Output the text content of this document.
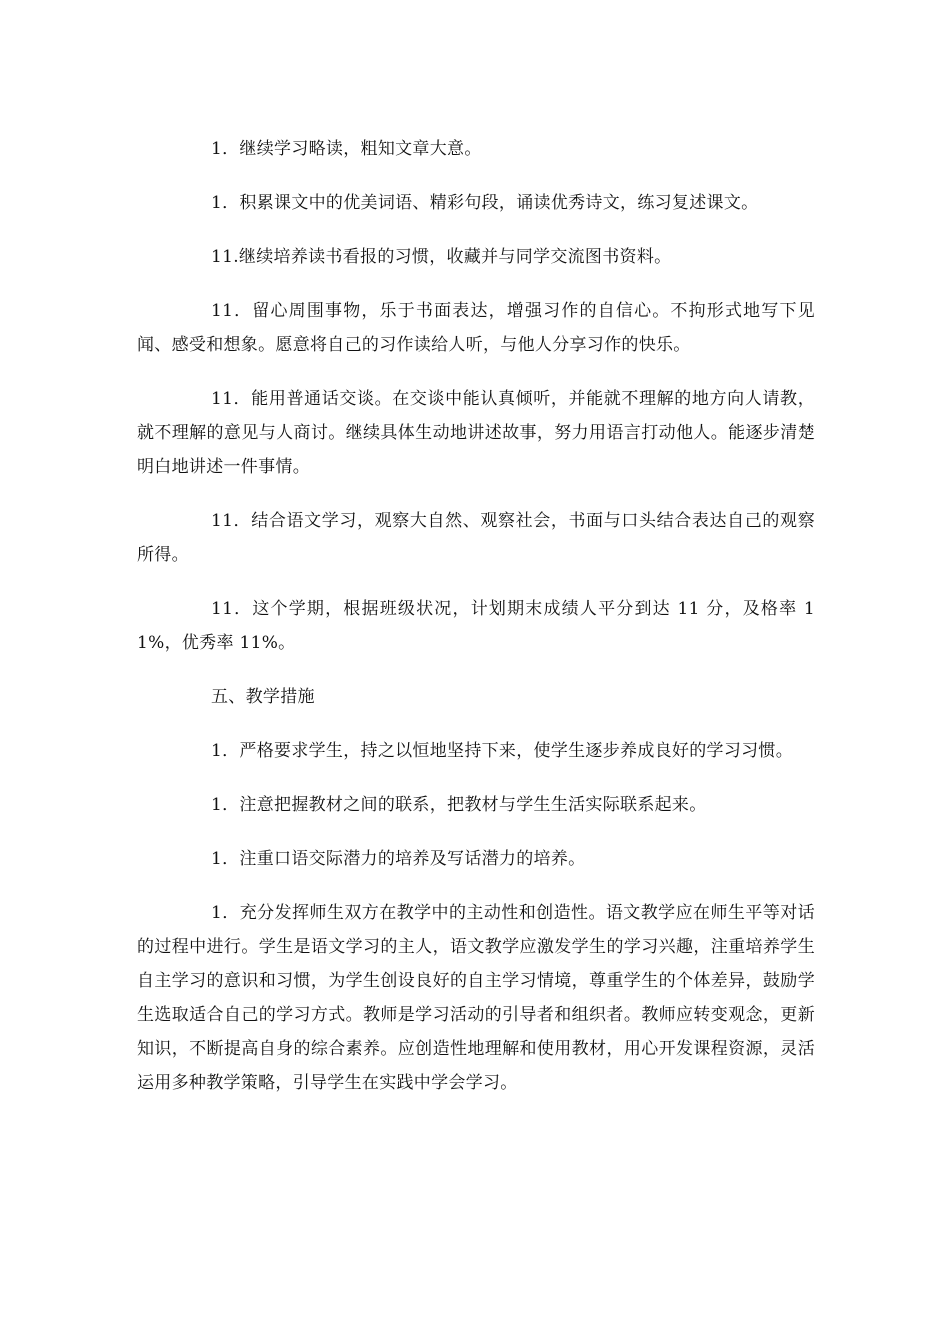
1．继续学习略读，粗知文章大意。

1．积累课文中的优美词语、精彩句段，诵读优秀诗文，练习复述课文。

11.继续培养读书看报的习惯，收藏并与同学交流图书资料。

11．留心周围事物，乐于书面表达，增强习作的自信心。不拘形式地写下见闻、感受和想象。愿意将自己的习作读给人听，与他人分享习作的快乐。

11．能用普通话交谈。在交谈中能认真倾听，并能就不理解的地方向人请教，就不理解的意见与人商讨。继续具体生动地讲述故事，努力用语言打动他人。能逐步清楚明白地讲述一件事情。

11．结合语文学习，观察大自然、观察社会，书面与口头结合表达自己的观察所得。

11．这个学期，根据班级状况，计划期末成绩人平分到达 11 分，及格率 11%，优秀率 11%。

五、教学措施

1．严格要求学生，持之以恒地坚持下来，使学生逐步养成良好的学习习惯。

1．注意把握教材之间的联系，把教材与学生生活实际联系起来。

1．注重口语交际潜力的培养及写话潜力的培养。

1．充分发挥师生双方在教学中的主动性和创造性。语文教学应在师生平等对话的过程中进行。学生是语文学习的主人，语文教学应激发学生的学习兴趣，注重培养学生自主学习的意识和习惯，为学生创设良好的自主学习情境，尊重学生的个体差异，鼓励学生选取适合自己的学习方式。教师是学习活动的引导者和组织者。教师应转变观念，更新知识，不断提高自身的综合素养。应创造性地理解和使用教材，用心开发课程资源，灵活运用多种教学策略，引导学生在实践中学会学习。
